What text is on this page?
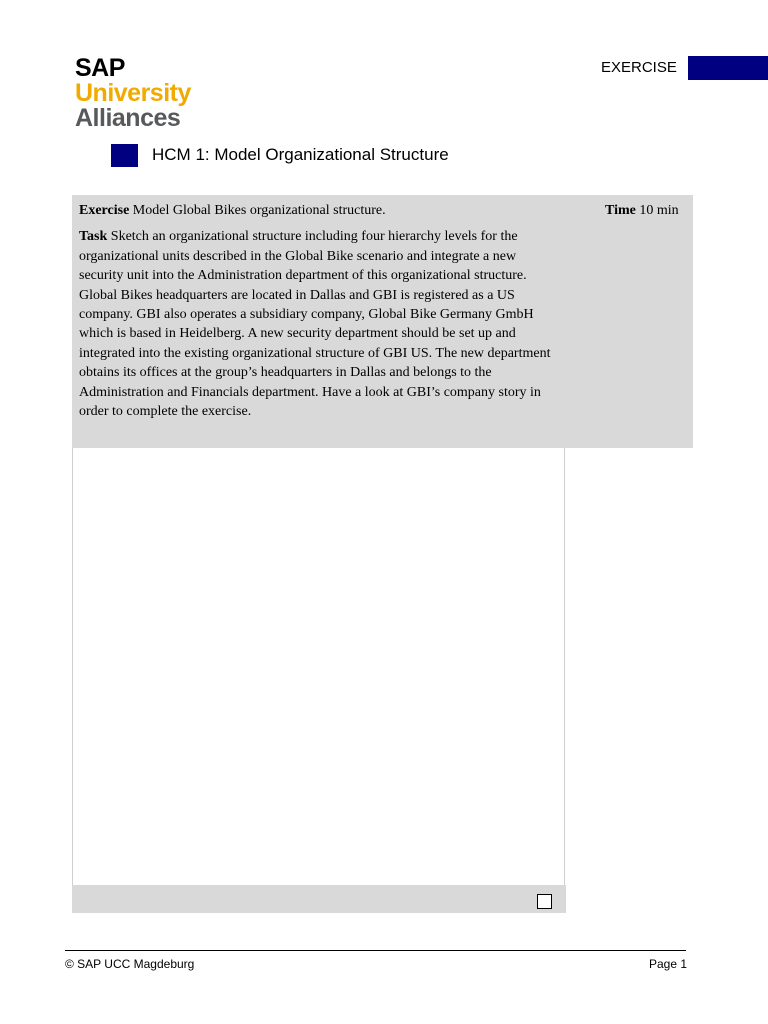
SAP
University
Alliances
EXERCISE
HCM 1: Model Organizational Structure

Exercise Model Global Bikes organizational structure.

Task Sketch an organizational structure including four hierarchy levels for the organizational units described in the Global Bike scenario and integrate a new security unit into the Administration department of this organizational structure. Global Bikes headquarters are located in Dallas and GBI is registered as a US company. GBI also operates a subsidiary company, Global Bike Germany GmbH which is based in Heidelberg. A new security department should be set up and integrated into the existing organizational structure of GBI US. The new department obtains its offices at the group’s headquarters in Dallas and belongs to the Administration and Financials department. Have a look at GBI’s company story in order to complete the exercise.

Time 10 min
© SAP UCC Magdeburg	Page 1
